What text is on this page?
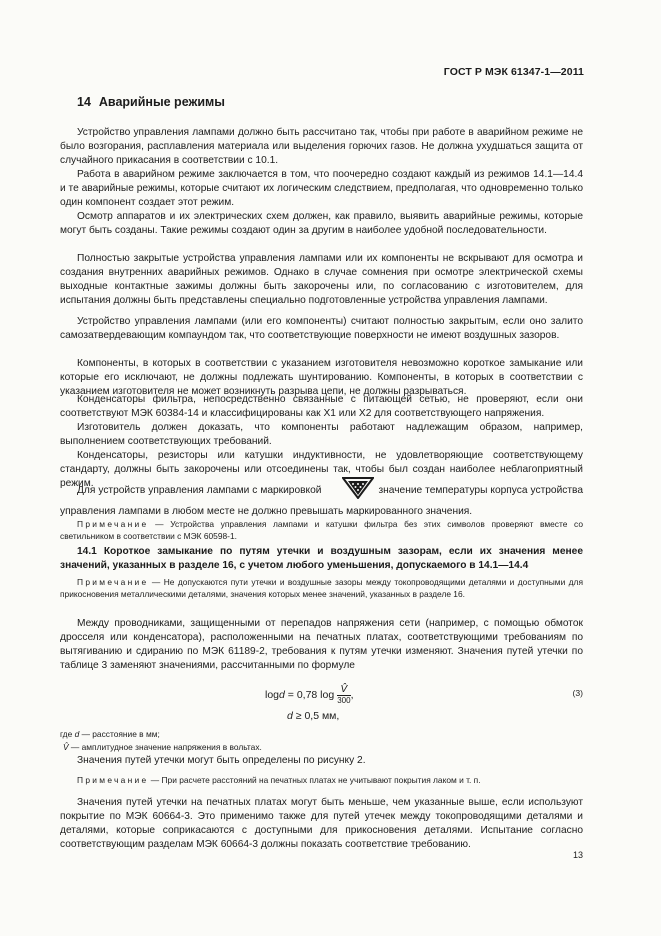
ГОСТ Р МЭК 61347-1—2011
14 Аварийные режимы
Устройство управления лампами должно быть рассчитано так, чтобы при работе в аварийном режиме не было возгорания, расплавления материала или выделения горючих газов. Не должна ухудшаться защита от случайного прикасания в соответствии с 10.1.
Работа в аварийном режиме заключается в том, что поочередно создают каждый из режимов 14.1—14.4 и те аварийные режимы, которые считают их логическим следствием, предполагая, что одновременно только один компонент создает этот режим.
Осмотр аппаратов и их электрических схем должен, как правило, выявить аварийные режимы, которые могут быть созданы. Такие режимы создают один за другим в наиболее удобной последовательности.
Полностью закрытые устройства управления лампами или их компоненты не вскрывают для осмотра и создания внутренних аварийных режимов. Однако в случае сомнения при осмотре электрической схемы выходные контактные зажимы должны быть закорочены или, по согласованию с изготовителем, для испытания должны быть представлены специально подготовленные устройства управления лампами.
Устройство управления лампами (или его компоненты) считают полностью закрытым, если оно залито самозатвердевающим компаундом так, что соответствующие поверхности не имеют воздушных зазоров.
Компоненты, в которых в соответствии с указанием изготовителя невозможно короткое замыкание или которые его исключают, не должны подлежать шунтированию. Компоненты, в которых в соответствии с указанием изготовителя не может возникнуть разрыва цепи, не должны разрываться.
Конденсаторы фильтра, непосредственно связанные с питающей сетью, не проверяют, если они соответствуют МЭК 60384-14 и классифицированы как X1 или X2 для соответствующего напряжения.
Изготовитель должен доказать, что компоненты работают надлежащим образом, например, выполнением соответствующих требований.
Конденсаторы, резисторы или катушки индуктивности, не удовлетворяющие соответствующему стандарту, должны быть закорочены или отсоединены так, чтобы был создан наиболее неблагоприятный режим.
Для устройств управления лампами с маркировкой	значение температуры корпуса устройства управления лампами в любом месте не должно превышать маркированного значения.
Примечание — Устройства управления лампами и катушки фильтра без этих символов проверяют вместе со светильником в соответствии с МЭК 60598-1.
14.1 Короткое замыкание по путям утечки и воздушным зазорам, если их значения менее значений, указанных в разделе 16, с учетом любого уменьшения, допускаемого в 14.1—14.4
Примечание — Не допускаются пути утечки и воздушные зазоры между токопроводящими деталями и доступными для прикосновения металлическими деталями, значения которых менее значений, указанных в разделе 16.
Между проводниками, защищенными от перепадов напряжения сети (например, с помощью обмоток дросселя или конденсатора), расположенными на печатных платах, соответствующими требованиям по вытягиванию и сдиранию по МЭК 61189-2, требования к путям утечки изменяют. Значения путей утечки по таблице 3 заменяют значениями, рассчитанными по формуле
logd = 0,78 $\log \frac{V̂}{300}$ ,	(3)
d ≥ 0,5 мм,
где d — расстояние в мм;
V̂ — амплитудное значение напряжения в вольтах.
Значения путей утечки могут быть определены по рисунку 2.
Примечание — При расчете расстояний на печатных платах не учитывают покрытия лаком и т. п.
Значения путей утечки на печатных платах могут быть меньше, чем указанные выше, если используют покрытие по МЭК 60664-3. Это применимо также для путей утечек между токопроводящими деталями и деталями, которые соприкасаются с доступными для прикосновения деталями. Испытание согласно соответствующим разделам МЭК 60664-3 должны показать соответствие требованию.
13
